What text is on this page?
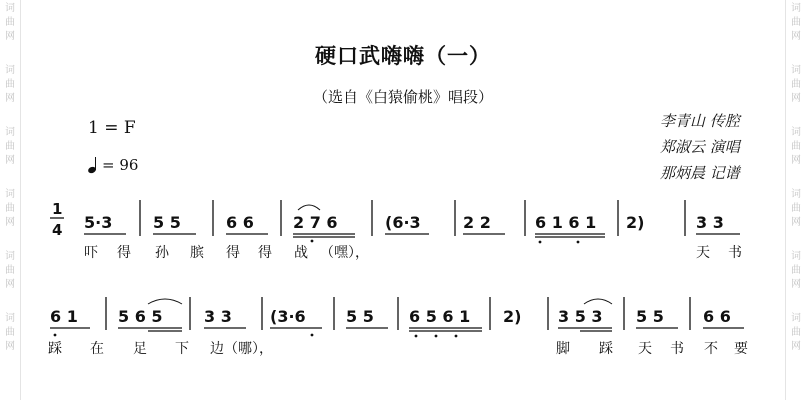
词
曲
网
词
曲
网
词
曲
网
词
曲
网
词
曲
网
词
曲
网
词
曲
网
词
曲
网
词
曲
网
词
曲
网
词
曲
网
词
曲
网
硬口武嗨嗨（一）
（选自《白猿偷桃》唱段）
1 = F
= 96
李青山 传腔
郑淑云 演唱
那炳晨 记谱
1
4 5·3	5 5	6 6 2 7 6	(6·3	2 2	6 1 6 1 2)	3 3
6 1	5 6 5	3 3 (3·6	5 5 6 5 6 1 2) 3 5 3 5 5 6 6
吓 得 孙 膑 得 得 战 （嘿），	天 书
踩 在 足 下 边（哪），	脚 踩 天 书 不 要
